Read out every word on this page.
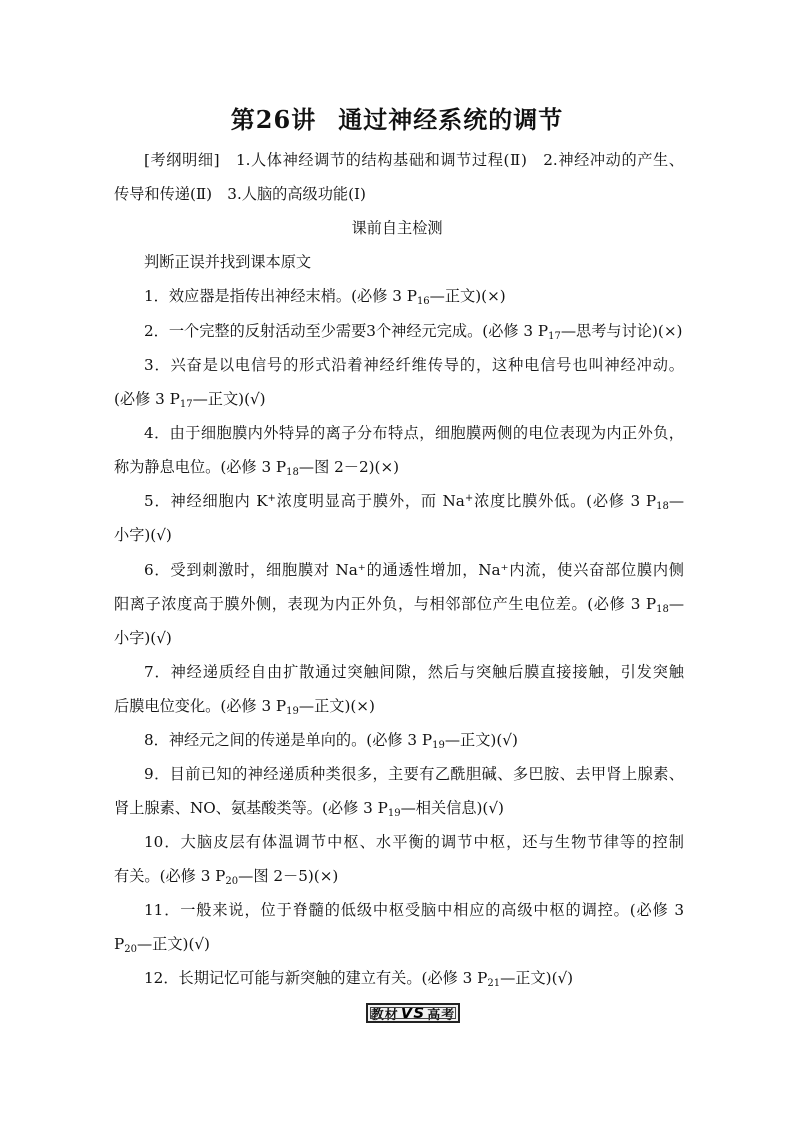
第26讲 通过神经系统的调节
[考纲明细]　1.人体神经调节的结构基础和调节过程(Ⅱ)　2.神经冲动的产生、
传导和传递(Ⅱ)　3.人脑的高级功能(Ⅰ)
课前自主检测
判断正误并找到课本原文
1．效应器是指传出神经末梢。(必修 3 $P_{16}—$正文)(×)
2．一个完整的反射活动至少需要3个神经元完成。(必修 3 $P_{17}—$思考与讨论)(×)
3．兴奋是以电信号的形式沿着神经纤维传导的，这种电信号也叫神经冲动。
(必修 3 $P_{17}—$正文)(√)
4．由于细胞膜内外特异的离子分布特点，细胞膜两侧的电位表现为内正外负，
称为静息电位。(必修 3 $P_{18}—$图 2－2)(×)
5．神经细胞内 K+浓度明显高于膜外，而 Na+浓度比膜外低。(必修 3 $P_{18}—$
小字)(√)
6．受到刺激时，细胞膜对 Na⁺的通透性增加，Na⁺内流，使兴奋部位膜内侧
阳离子浓度高于膜外侧，表现为内正外负，与相邻部位产生电位差。(必修 3 $P_{18}—$
小字)(√)
7．神经递质经自由扩散通过突触间隙，然后与突触后膜直接接触，引发突触
后膜电位变化。(必修 3 $P_{19}—$正文)(×)
8．神经元之间的传递是单向的。(必修 3 $P_{19}—$正文)(√)
9．目前已知的神经递质种类很多，主要有乙酰胆碱、多巴胺、去甲肾上腺素、
肾上腺素、NO、氨基酸类等。(必修 3 $P_{19}—$相关信息)(√)
10．大脑皮层有体温调节中枢、水平衡的调节中枢，还与生物节律等的控制
有关。(必修 3 $P_{20}—$图 2－5)(×)
11．一般来说，位于脊髓的低级中枢受脑中相应的高级中枢的调控。(必修 3
$P_{20}—$正文)(√)
12．长期记忆可能与新突触的建立有关。(必修 3 $P_{21}—$正文)(√)
教材 VS 高考
